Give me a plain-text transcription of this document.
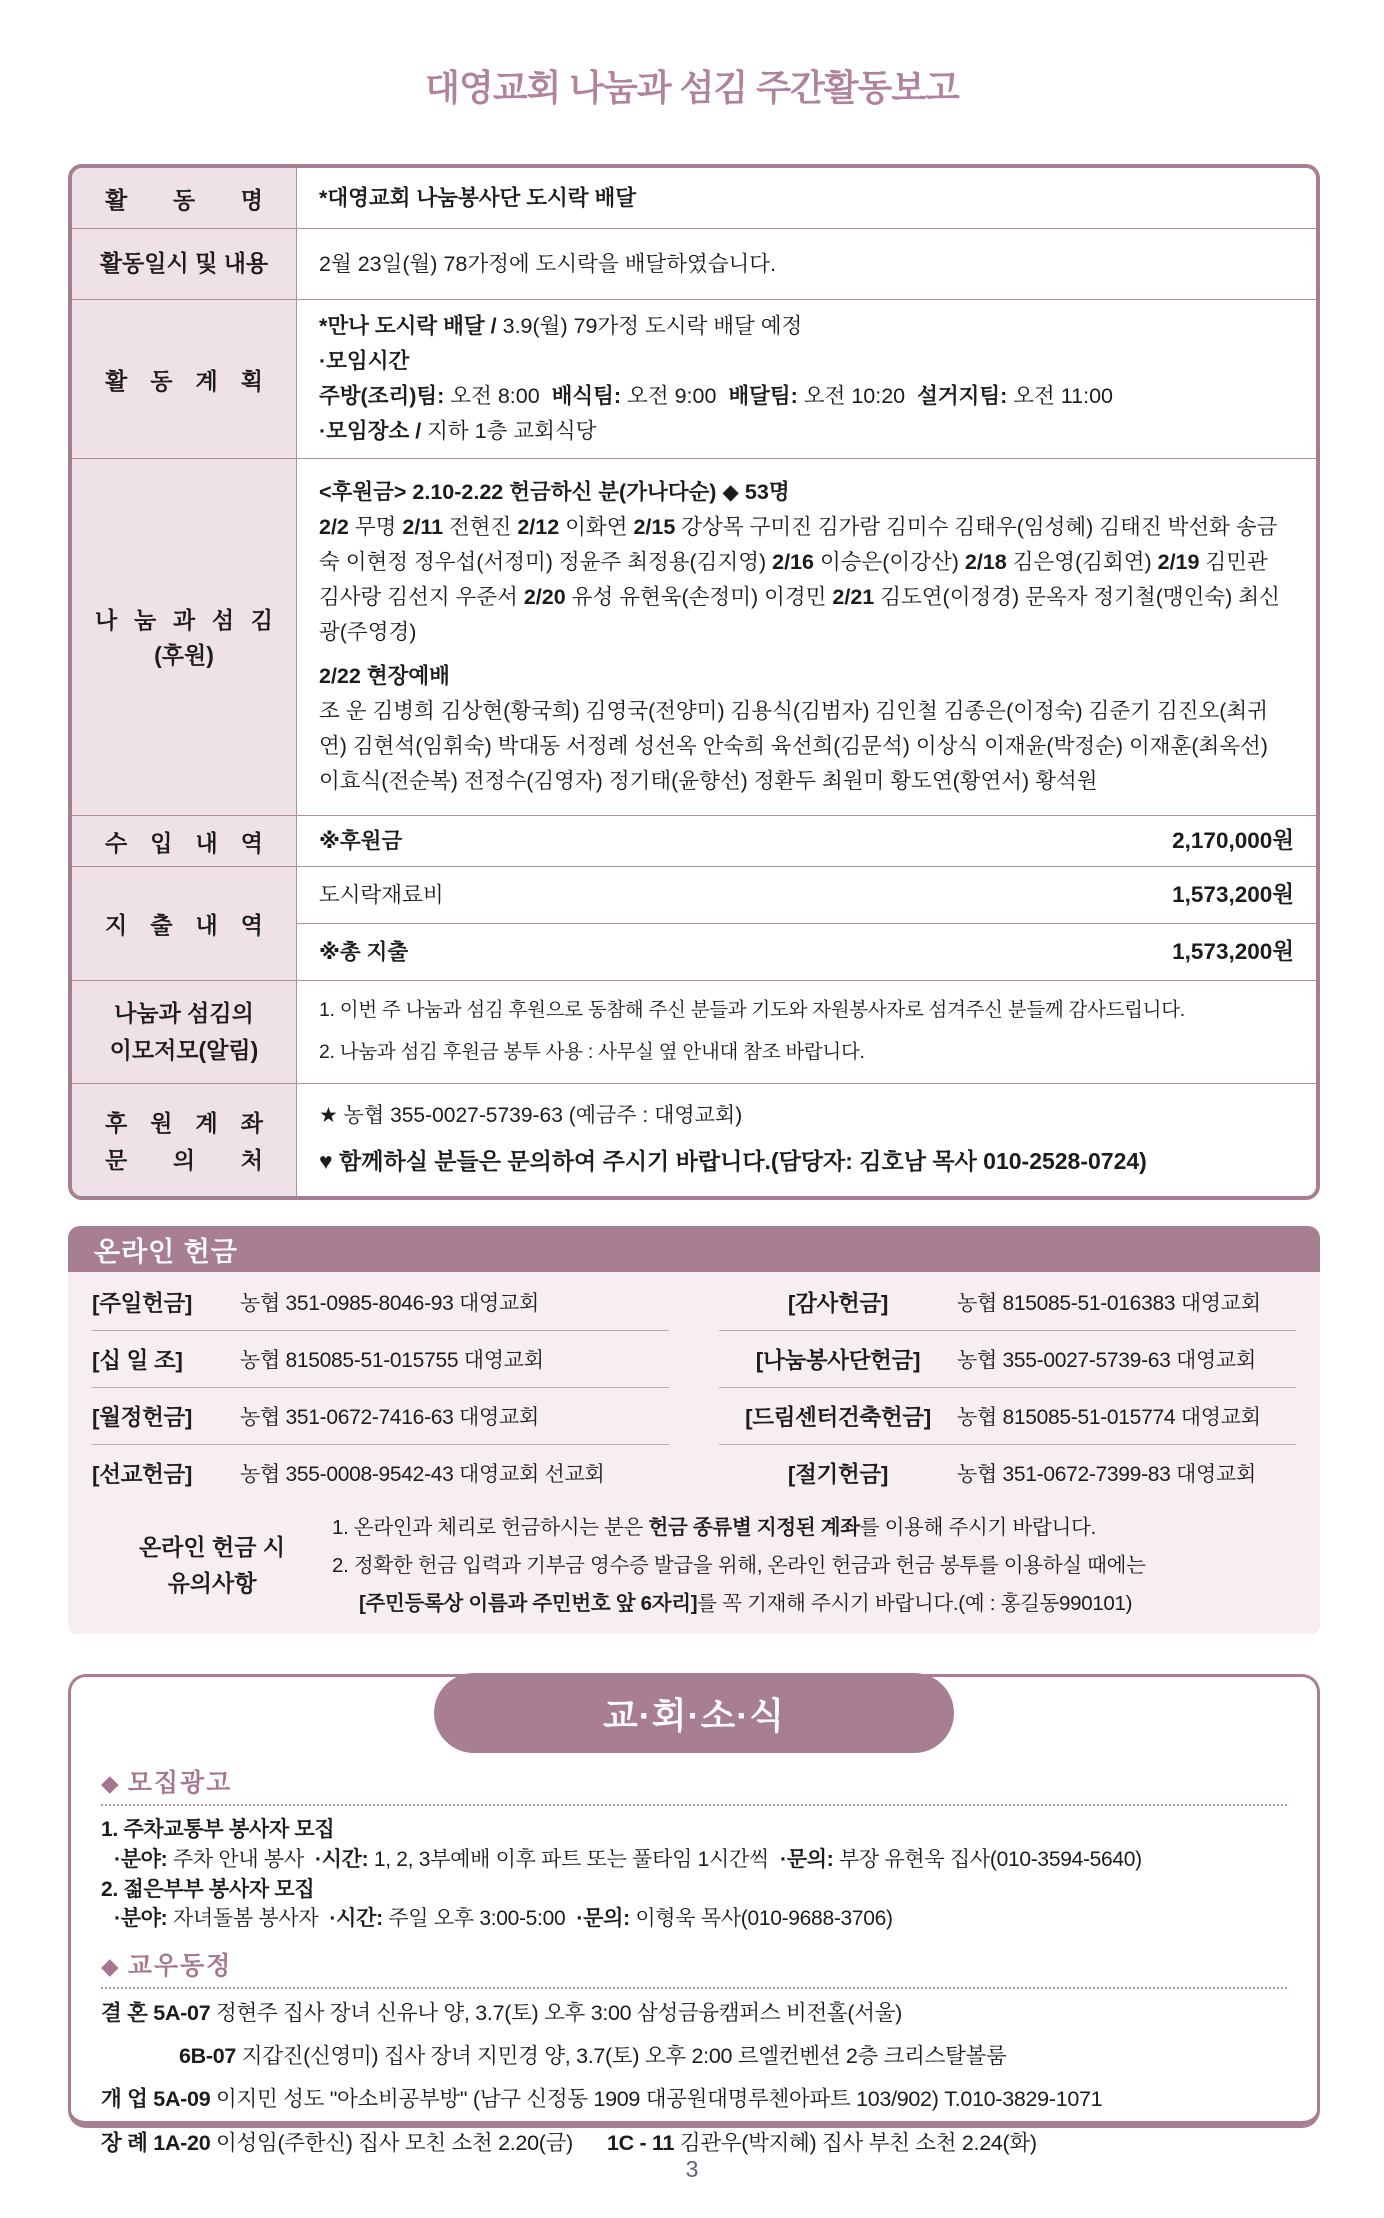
대영교회 나눔과 섬김 주간활동보고
활 동 명	*대영교회 나눔봉사단 도시락 배달
활동일시 및 내용 2월 23일(월) 78가정에 도시락을 배달하였습니다.
활 동 계 획
*만나 도시락 배달 / 3.9(월) 79가정 도시락 배달 예정
·모임시간
주방(조리)팀: 오전 8:00  배식팀: 오전 9:00  배달팀: 오전 10:20  설거지팀: 오전 11:00
·모임장소 / 지하 1층 교회식당
나 눔 과 섬 김
(후원)
<후원금> 2.10-2.22 헌금하신 분(가나다순) ◆ 53명
2/2 무명 2/11 전현진 2/12 이화연 2/15 강상목 구미진 김가람 김미수 김태우(임성혜) 김태진 박선화 송금숙 이현정 정우섭(서정미) 정윤주 최정용(김지영) 2/16 이승은(이강산) 2/18 김은영(김회연) 2/19 김민관 김사랑 김선지 우준서 2/20 유성 유현욱(손정미) 이경민 2/21 김도연(이정경) 문옥자 정기철(맹인숙) 최신광(주영경)
2/22 현장예배
조 운 김병희 김상현(황국희) 김영국(전양미) 김용식(김범자) 김인철 김종은(이정숙) 김준기 김진오(최귀연) 김현석(임휘숙) 박대동 서정례 성선옥 안숙희 육선희(김문석) 이상식 이재윤(박정순) 이재훈(최옥선) 이효식(전순복) 전정수(김영자) 정기태(윤향선) 정환두 최원미 황도연(황연서) 황석원
수 입 내 역	※후원금	2,170,000원
지 출 내 역
도시락재료비	1,573,200원
※총 지출	1,573,200원
나눔과 섬김의
이모저모(알림)
1. 이번 주 나눔과 섬김 후원으로 동참해 주신 분들과 기도와 자원봉사자로 섬겨주신 분들께 감사드립니다.
2. 나눔과 섬김 후원금 봉투 사용 : 사무실 옆 안내대 참조 바랍니다.
후 원 계 좌
문 의 처
★ 농협 355-0027-5739-63 (예금주 : 대영교회)
♥ 함께하실 분들은 문의하여 주시기 바랍니다.(담당자: 김호남 목사 010-2528-0724)
온라인 헌금
[주일헌금]	농협 351-0985-8046-93 대영교회	[감사헌금]	농협 815085-51-016383 대영교회
[십 일 조]	농협 815085-51-015755 대영교회	[나눔봉사단헌금]	농협 355-0027-5739-63 대영교회
[월정헌금]	농협 351-0672-7416-63 대영교회	[드림센터건축헌금]	농협 815085-51-015774 대영교회
[선교헌금]	농협 355-0008-9542-43 대영교회 선교회	[절기헌금]	농협 351-0672-7399-83 대영교회
온라인 헌금 시
유의사항
1. 온라인과 체리로 헌금하시는 분은 헌금 종류별 지정된 계좌를 이용해 주시기 바랍니다.
2. 정확한 헌금 입력과 기부금 영수증 발급을 위해, 온라인 헌금과 헌금 봉투를 이용하실 때에는
[주민등록상 이름과 주민번호 앞 6자리]를 꼭 기재해 주시기 바랍니다.(예 : 홍길동990101)
교·회·소·식
◆ 모집광고
1. 주차교통부 봉사자 모집
·분야: 주차 안내 봉사  ·시간: 1, 2, 3부예배 이후 파트 또는 풀타임 1시간씩  ·문의: 부장 유현욱 집사(010-3594-5640)
2. 젊은부부 봉사자 모집
·분야: 자녀돌봄 봉사자  ·시간: 주일 오후 3:00-5:00  ·문의: 이형욱 목사(010-9688-3706)
◆ 교우동정
결 혼 5A-07 정현주 집사 장녀 신유나 양, 3.7(토) 오후 3:00 삼성금융캠퍼스 비전홀(서울)
6B-07 지갑진(신영미) 집사 장녀 지민경 양, 3.7(토) 오후 2:00 르엘컨벤션 2층 크리스탈볼룸
개 업 5A-09 이지민 성도 "아소비공부방" (남구 신정동 1909 대공원대명루첸아파트 103/902) T.010-3829-1071
장 례 1A-20 이성임(주한신) 집사 모친 소천 2.20(금)      1C - 11 김관우(박지혜) 집사 부친 소천 2.24(화)
3
